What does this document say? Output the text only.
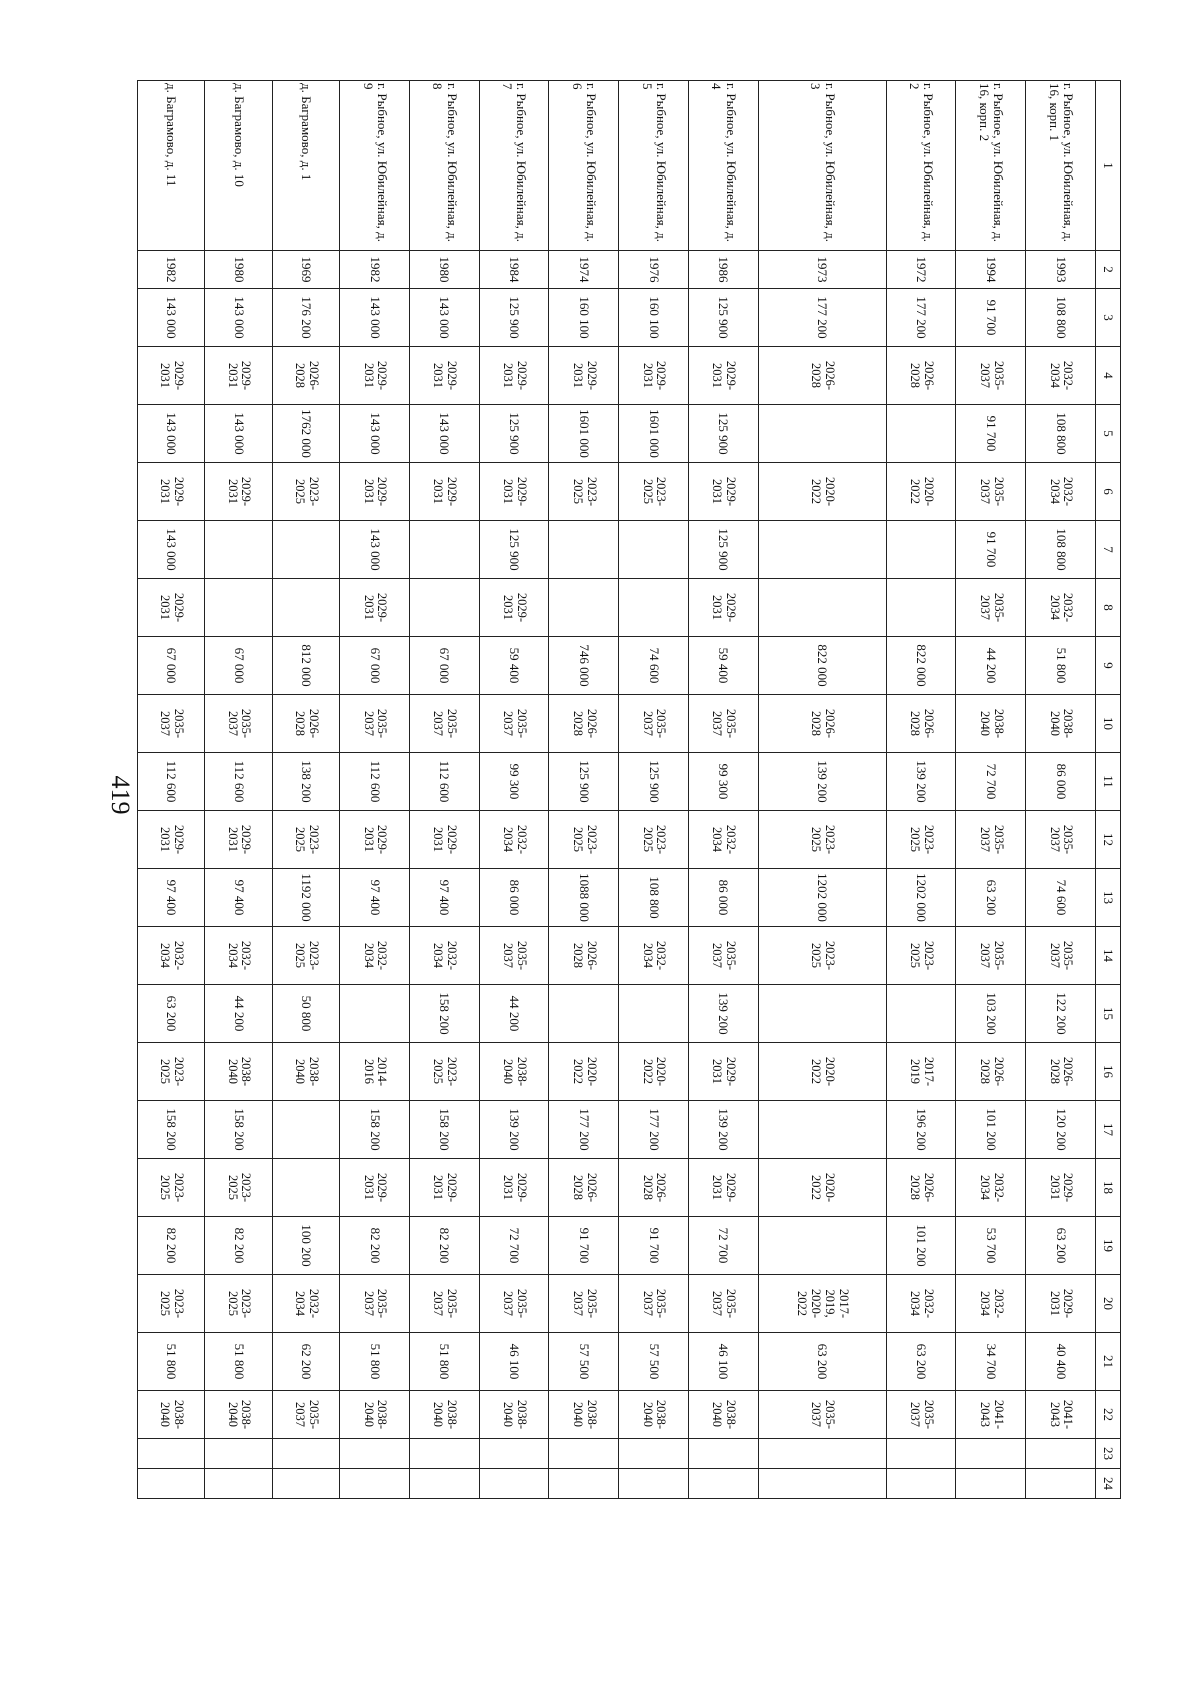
419
1	2	3	4	5	6	7	8	9	10	11	12	13	14	15	16	17	18	19	20	21	22	23	24
г. Рыбное, ул. Юбилейная, д. 16, корп. 1	1993	108 800	2032-2034	108 800	2032-2034	108 800	2032-2034	51 800	2038-2040	86 000	2035-2037	74 600	2035-2037	122 200	2026-2028	120 200	2029-2031	63 200	2029-2031	40 400	2041-2043		
г. Рыбное, ул. Юбилейная, д. 16, корп. 2	1994	91 700	2035-2037	91 700	2035-2037	91 700	2035-2037	44 200	2038-2040	72 700	2035-2037	63 200	2035-2037	103 200	2026-2028	101 200	2032-2034	53 700	2032-2034	34 700	2041-2043		
г. Рыбное, ул. Юбилейная, д. 2	1972	177 200	2026-2028		2020-2022			822 000	2026-2028	139 200	2023-2025	1202 000	2023-2025		2017-2019	196 200	2026-2028	101 200	2032-2034	63 200	2035-2037		
г. Рыбное, ул. Юбилейная, д. 3	1973	177 200	2026-2028		2020-2022			822 000	2026-2028	139 200	2023-2025	1202 000	2023-2025		2020-2022		2020-2022		2017-2019, 2020-2022	63 200	2035-2037		
г. Рыбное, ул. Юбилейная, д. 4	1986	125 900	2029-2031	125 900	2029-2031	125 900	2029-2031	59 400	2035-2037	99 300	2032-2034	86 000	2035-2037	139 200	2029-2031	139 200	2029-2031	72 700	2035-2037	46 100	2038-2040		
г. Рыбное, ул. Юбилейная, д. 5	1976	160 100	2029-2031	1601 000	2023-2025			74 600	2035-2037	125 900	2023-2025	108 800	2032-2034		2020-2022	177 200	2026-2028	91 700	2035-2037	57 500	2038-2040		
г. Рыбное, ул. Юбилейная, д. 6	1974	160 100	2029-2031	1601 000	2023-2025			746 000	2026-2028	125 900	2023-2025	1088 000	2026-2028		2020-2022	177 200	2026-2028	91 700	2035-2037	57 500	2038-2040		
г. Рыбное, ул. Юбилейная, д. 7	1984	125 900	2029-2031	125 900	2029-2031	125 900	2029-2031	59 400	2035-2037	99 300	2032-2034	86 000	2035-2037	44 200	2038-2040	139 200	2029-2031	72 700	2035-2037	46 100	2038-2040		
г. Рыбное, ул. Юбилейная, д. 8	1980	143 000	2029-2031	143 000	2029-2031			67 000	2035-2037	112 600	2029-2031	97 400	2032-2034	158 200	2023-2025	158 200	2029-2031	82 200	2035-2037	51 800	2038-2040		
г. Рыбное, ул. Юбилейная, д. 9	1982	143 000	2029-2031	143 000	2029-2031	143 000	2029-2031	67 000	2035-2037	112 600	2029-2031	97 400	2032-2034		2014-2016	158 200	2029-2031	82 200	2035-2037	51 800	2038-2040		
д. Баграмово, д. 1	1969	176 200	2026-2028	1762 000	2023-2025			812 000	2026-2028	138 200	2023-2025	1192 000	2023-2025	50 800	2038-2040			100 200	2032-2034	62 200	2035-2037		
д. Баграмово, д. 10	1980	143 000	2029-2031	143 000	2029-2031			67 000	2035-2037	112 600	2029-2031	97 400	2032-2034	44 200	2038-2040	158 200	2023-2025	82 200	2023-2025	51 800	2038-2040		
д. Баграмово, д. 11	1982	143 000	2029-2031	143 000	2029-2031	143 000	2029-2031	67 000	2035-2037	112 600	2029-2031	97 400	2032-2034	63 200	2023-2025	158 200	2023-2025	82 200	2023-2025	51 800	2038-2040		
